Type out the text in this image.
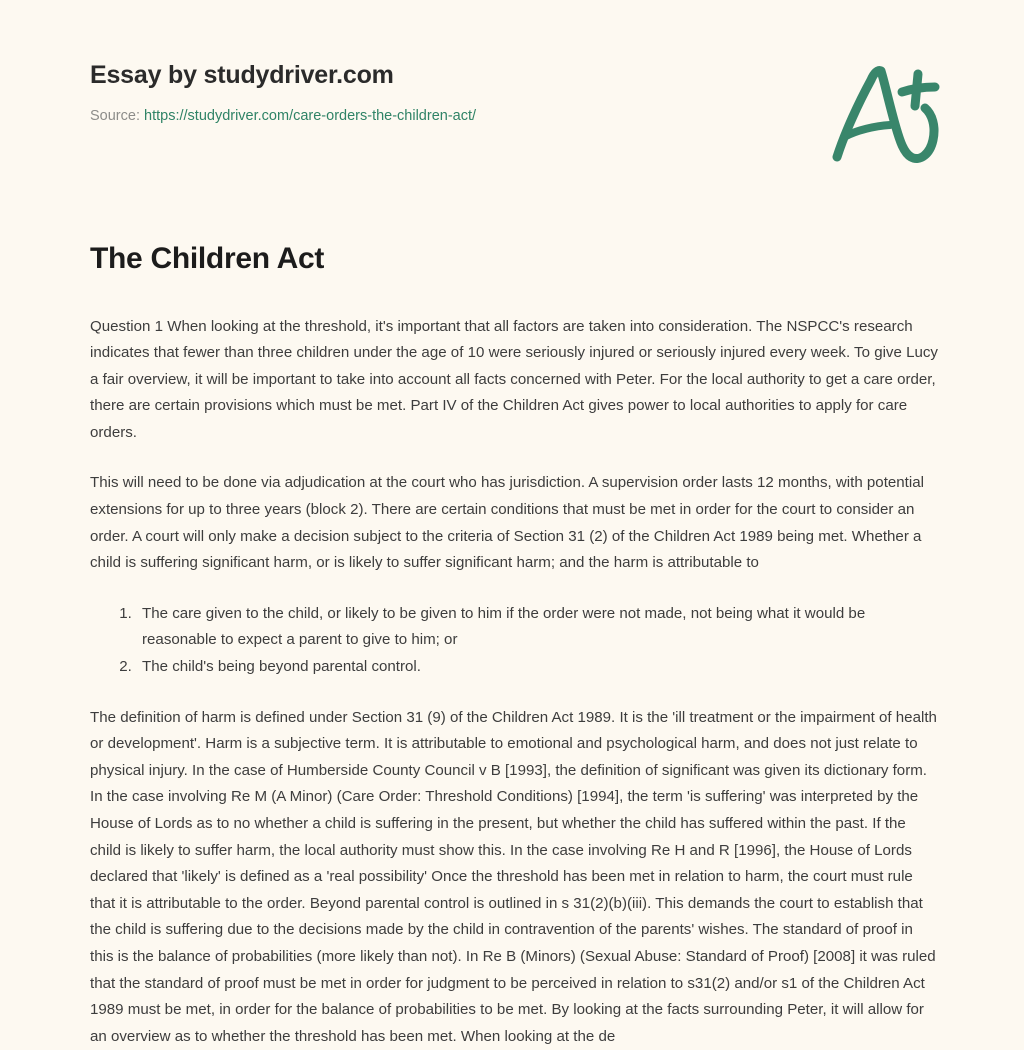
Essay by studydriver.com
Source: https://studydriver.com/care-orders-the-children-act/
The Children Act

Question 1 When looking at the threshold, it's important that all factors are taken into consideration. The NSPCC's research indicates that fewer than three children under the age of 10 were seriously injured or seriously injured every week. To give Lucy a fair overview, it will be important to take into account all facts concerned with Peter. For the local authority to get a care order, there are certain provisions which must be met. Part IV of the Children Act gives power to local authorities to apply for care orders.

This will need to be done via adjudication at the court who has jurisdiction. A supervision order lasts 12 months, with potential extensions for up to three years (block 2). There are certain conditions that must be met in order for the court to consider an order. A court will only make a decision subject to the criteria of Section 31 (2) of the Children Act 1989 being met. Whether a child is suffering significant harm, or is likely to suffer significant harm; and the harm is attributable to

1. The care given to the child, or likely to be given to him if the order were not made, not being what it would be reasonable to expect a parent to give to him; or
2. The child's being beyond parental control.

The definition of harm is defined under Section 31 (9) of the Children Act 1989. It is the 'ill treatment or the impairment of health or development'. Harm is a subjective term. It is attributable to emotional and psychological harm, and does not just relate to physical injury. In the case of Humberside County Council v B [1993], the definition of significant was given its dictionary form. In the case involving Re M (A Minor) (Care Order: Threshold Conditions) [1994], the term 'is suffering' was interpreted by the House of Lords as to no whether a child is suffering in the present, but whether the child has suffered within the past. If the child is likely to suffer harm, the local authority must show this. In the case involving Re H and R [1996], the House of Lords declared that 'likely' is defined as a 'real possibility' Once the threshold has been met in relation to harm, the court must rule that it is attributable to the order. Beyond parental control is outlined in s 31(2)(b)(iii). This demands the court to establish that the child is suffering due to the decisions made by the child in contravention of the parents' wishes. The standard of proof in this is the balance of probabilities (more likely than not). In Re B (Minors) (Sexual Abuse: Standard of Proof) [2008] it was ruled that the standard of proof must be met in order for judgment to be perceived in relation to s31(2) and/or s1 of the Children Act 1989 must be met, in order for the balance of probabilities to be met. By looking at the facts surrounding Peter, it will allow for an overview as to whether the threshold has been met. When looking at the de
